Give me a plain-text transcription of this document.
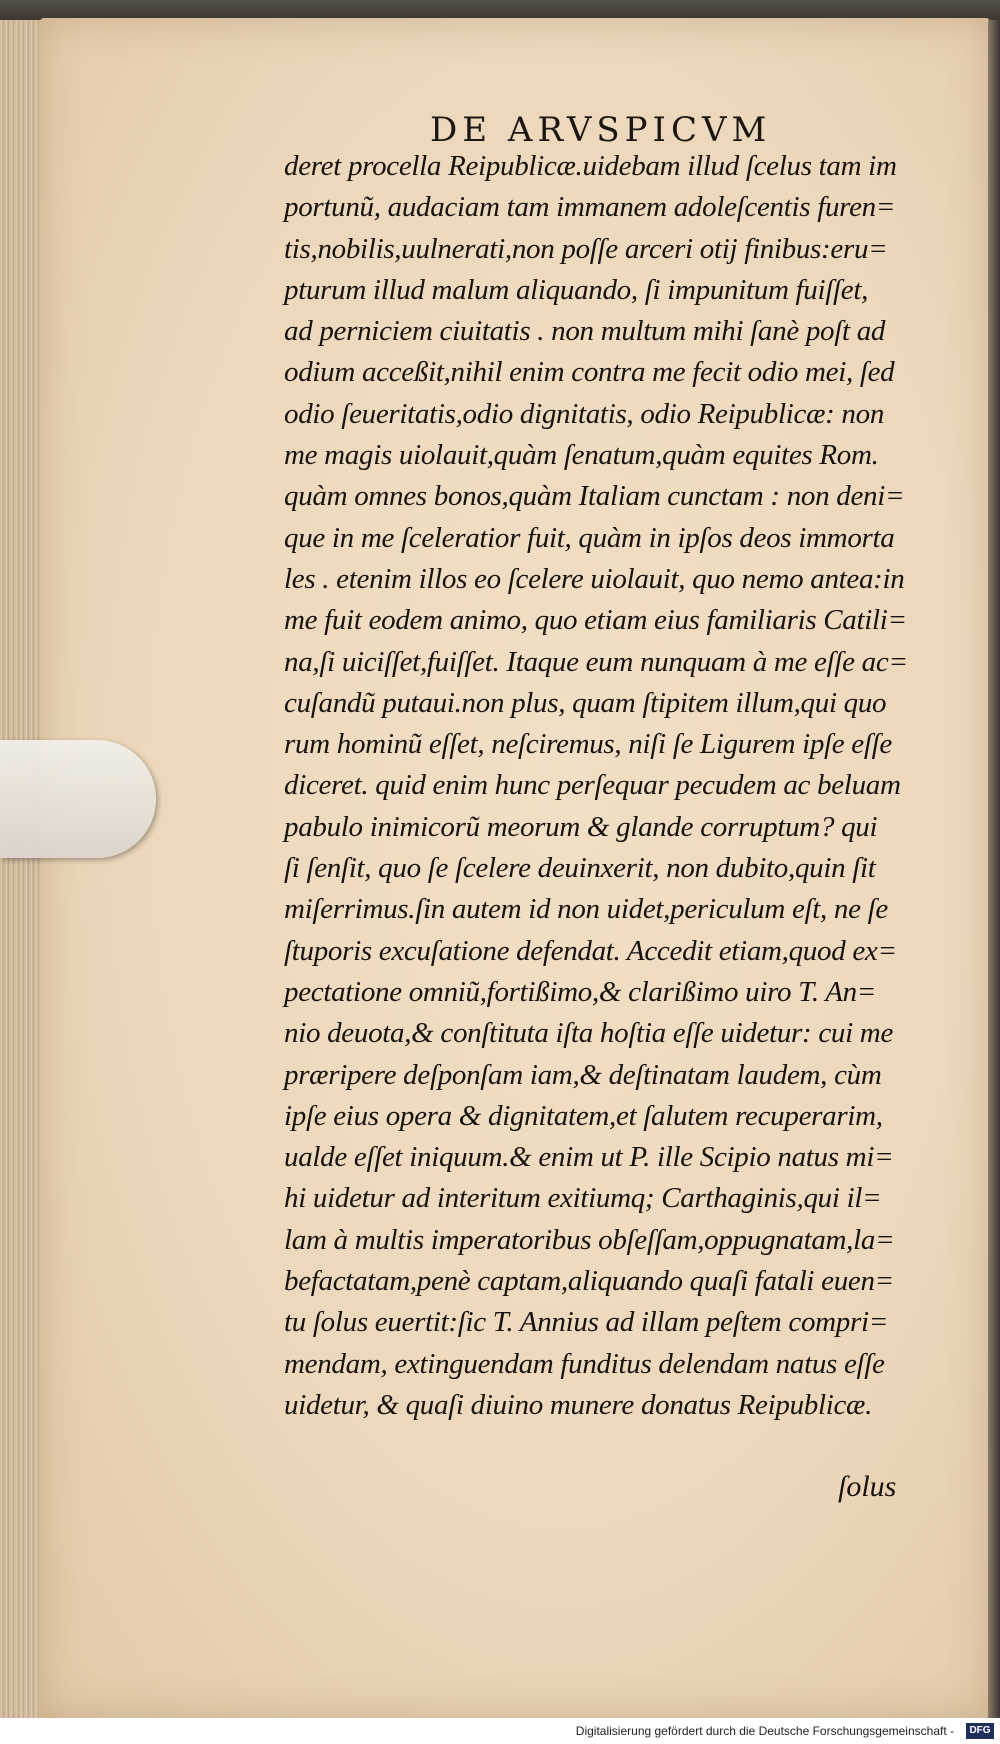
DE ARVSPICVM
deret procella Reipublicæ.uidebam illud ſcelus tam im
portunũ, audaciam tam immanem adoleſcentis furen=
tis,nobilis,uulnerati,non poſſe arceri otij finibus:eru=
pturum illud malum aliquando, ſi impunitum fuiſſet,
ad perniciem ciuitatis . non multum mihi ſanè poſt ad
odium acceßit,nihil enim contra me fecit odio mei, ſed
odio ſeueritatis,odio dignitatis, odio Reipublicæ: non
me magis uiolauit,quàm ſenatum,quàm equites Rom.
quàm omnes bonos,quàm Italiam cunctam : non deni=
que in me ſceleratior fuit, quàm in ipſos deos immorta
les . etenim illos eo ſcelere uiolauit, quo nemo antea:in
me fuit eodem animo, quo etiam eius familiaris Catili=
na,ſi uiciſſet,fuiſſet. Itaque eum nunquam à me eſſe ac=
cuſandũ putaui.non plus, quam ſtipitem illum,qui quo
rum hominũ eſſet, neſciremus, niſi ſe Ligurem ipſe eſſe
diceret. quid enim hunc perſequar pecudem ac beluam
pabulo inimicorũ meorum & glande corruptum? qui
ſi ſenſit, quo ſe ſcelere deuinxerit, non dubito,quin ſit
miſerrimus.ſin autem id non uidet,periculum eſt, ne ſe
ſtuporis excuſatione defendat. Accedit etiam,quod ex=
pectatione omniũ,fortißimo,& clarißimo uiro T. An=
nio deuota,& conſtituta iſta hoſtia eſſe uidetur: cui me
præripere deſponſam iam,& deſtinatam laudem, cùm
ipſe eius opera & dignitatem,et ſalutem recuperarim,
ualde eſſet iniquum.& enim ut P. ille Scipio natus mi=
hi uidetur ad interitum exitiumq; Carthaginis,qui il=
lam à multis imperatoribus obſeſſam,oppugnatam,la=
befactatam,penè captam,aliquando quaſi fatali euen=
tu ſolus euertit:ſic T. Annius ad illam peſtem compri=
mendam, extinguendam funditus delendam natus eſſe
uidetur, & quaſi diuino munere donatus Reipublicæ.
ſolus
Digitalisierung gefördert durch die Deutsche Forschungsgemeinschaft -	DFG
